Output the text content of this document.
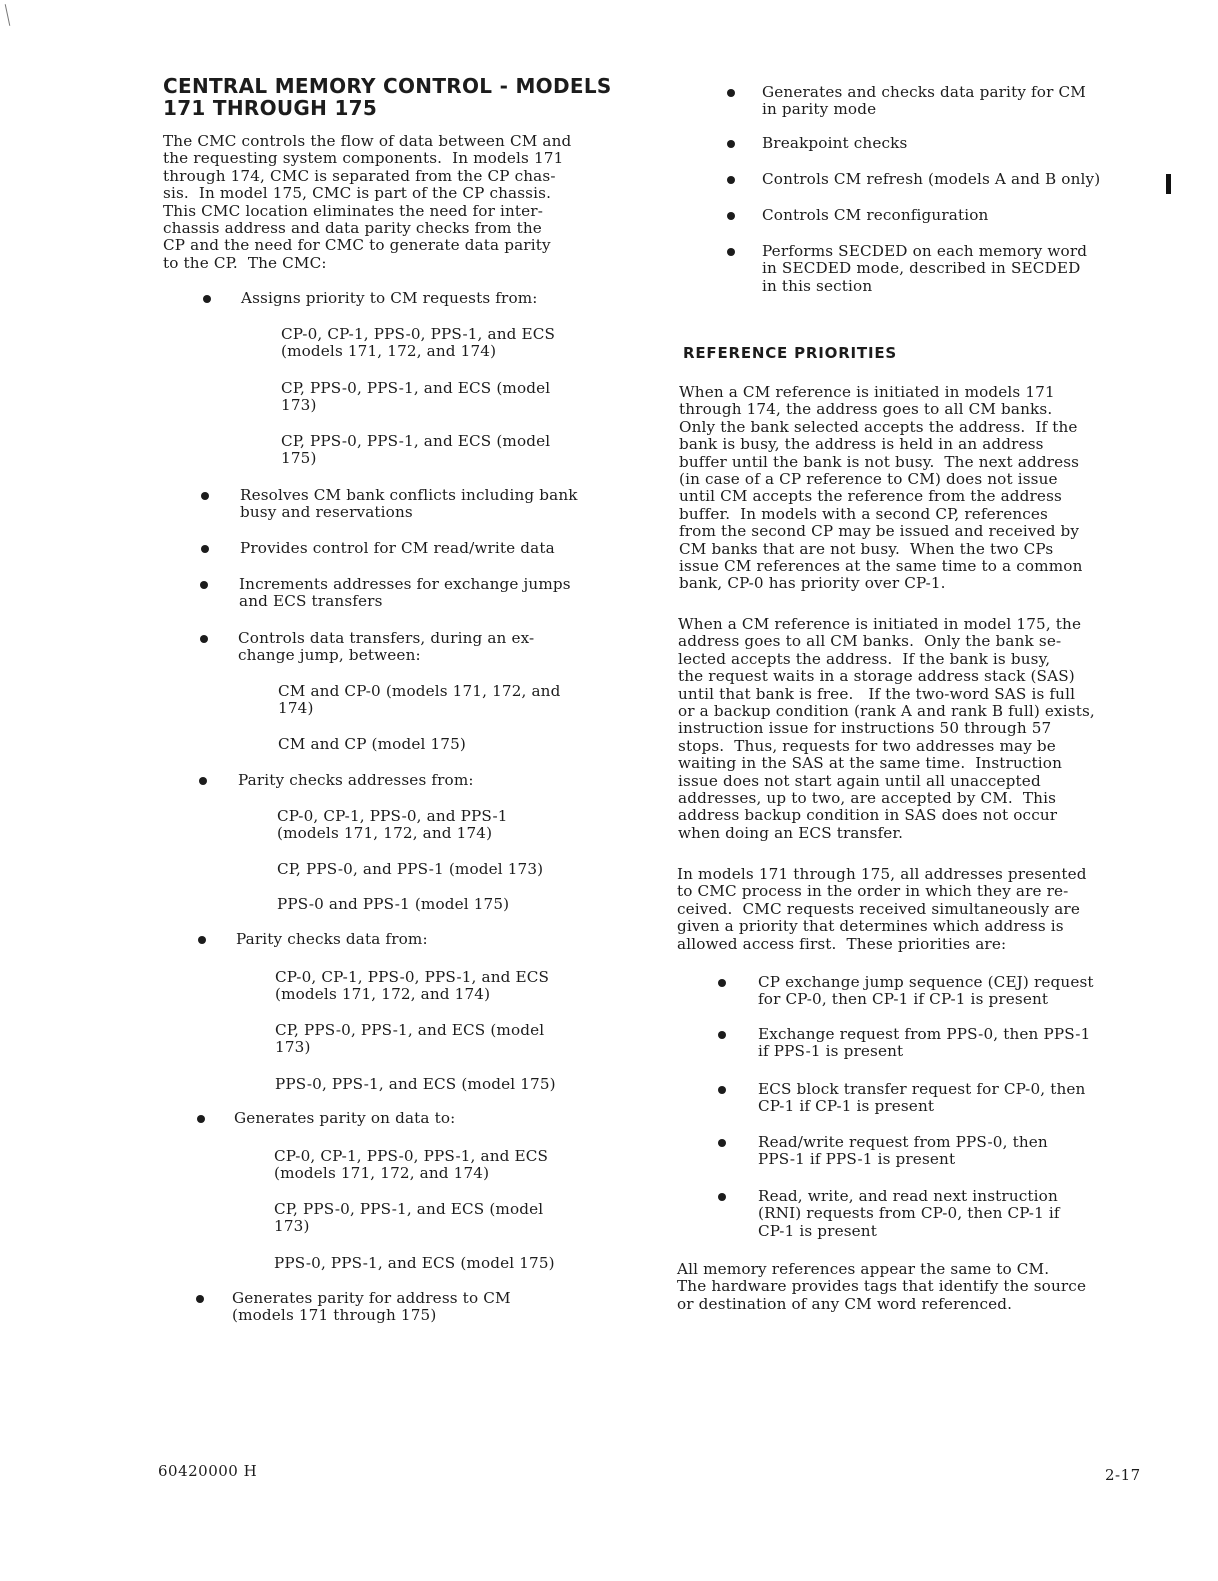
CENTRAL MEMORY CONTROL - MODELS
171 THROUGH 175
The CMC controls the flow of data between CM and
the requesting system components.  In models 171
through 174, CMC is separated from the CP chas-
sis.  In model 175, CMC is part of the CP chassis.
This CMC location eliminates the need for inter-
chassis address and data parity checks from the
CP and the need for CMC to generate data parity
to the CP.  The CMC:
Assigns priority to CM requests from:
CP-0, CP-1, PPS-0, PPS-1, and ECS
(models 171, 172, and 174)
CP, PPS-0, PPS-1, and ECS (model
173)
CP, PPS-0, PPS-1, and ECS (model
175)
Resolves CM bank conflicts including bank
busy and reservations
Provides control for CM read/write data
Increments addresses for exchange jumps
and ECS transfers
Controls data transfers, during an ex-
change jump, between:
CM and CP-0 (models 171, 172, and
174)
CM and CP (model 175)
Parity checks addresses from:
CP-0, CP-1, PPS-0, and PPS-1
(models 171, 172, and 174)
CP, PPS-0, and PPS-1 (model 173)
PPS-0 and PPS-1 (model 175)
Parity checks data from:
CP-0, CP-1, PPS-0, PPS-1, and ECS
(models 171, 172, and 174)
CP, PPS-0, PPS-1, and ECS (model
173)
PPS-0, PPS-1, and ECS (model 175)
Generates parity on data to:
CP-0, CP-1, PPS-0, PPS-1, and ECS
(models 171, 172, and 174)
CP, PPS-0, PPS-1, and ECS (model
173)
PPS-0, PPS-1, and ECS (model 175)
Generates parity for address to CM
(models 171 through 175)
Generates and checks data parity for CM
in parity mode
Breakpoint checks
Controls CM refresh (models A and B only)
Controls CM reconfiguration
Performs SECDED on each memory word
in SECDED mode, described in SECDED
in this section
REFERENCE PRIORITIES
When a CM reference is initiated in models 171
through 174, the address goes to all CM banks.
Only the bank selected accepts the address.  If the
bank is busy, the address is held in an address
buffer until the bank is not busy.  The next address
(in case of a CP reference to CM) does not issue
until CM accepts the reference from the address
buffer.  In models with a second CP, references
from the second CP may be issued and received by
CM banks that are not busy.  When the two CPs
issue CM references at the same time to a common
bank, CP-0 has priority over CP-1.
When a CM reference is initiated in model 175, the
address goes to all CM banks.  Only the bank se-
lected accepts the address.  If the bank is busy,
the request waits in a storage address stack (SAS)
until that bank is free.   If the two-word SAS is full
or a backup condition (rank A and rank B full) exists,
instruction issue for instructions 50 through 57
stops.  Thus, requests for two addresses may be
waiting in the SAS at the same time.  Instruction
issue does not start again until all unaccepted
addresses, up to two, are accepted by CM.  This
address backup condition in SAS does not occur
when doing an ECS transfer.
In models 171 through 175, all addresses presented
to CMC process in the order in which they are re-
ceived.  CMC requests received simultaneously are
given a priority that determines which address is
allowed access first.  These priorities are:
CP exchange jump sequence (CEJ) request
for CP-0, then CP-1 if CP-1 is present
Exchange request from PPS-0, then PPS-1
if PPS-1 is present
ECS block transfer request for CP-0, then
CP-1 if CP-1 is present
Read/write request from PPS-0, then
PPS-1 if PPS-1 is present
Read, write, and read next instruction
(RNI) requests from CP-0, then CP-1 if
CP-1 is present
All memory references appear the same to CM.
The hardware provides tags that identify the source
or destination of any CM word referenced.
60420000 H	2-17
